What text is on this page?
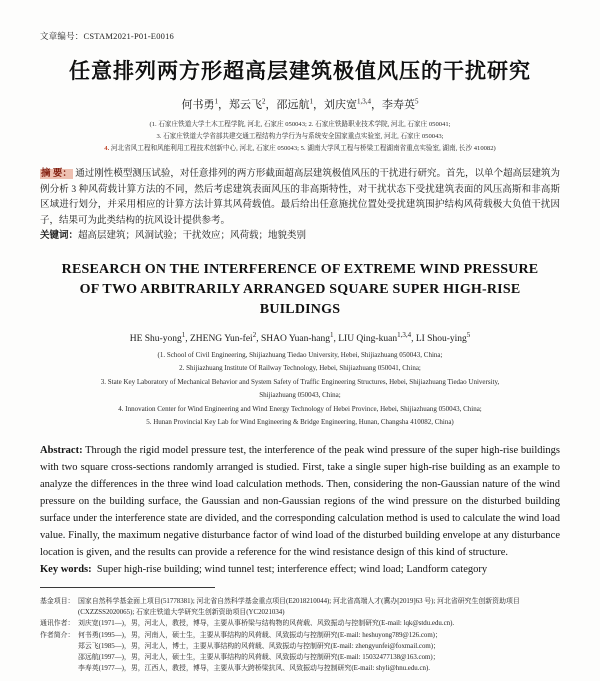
文章编号：CSTAM2021-P01-E0016
任意排列两方形超高层建筑极值风压的干扰研究
何书勇$^1$，郑云飞$^2$，邵远航$^1$，刘庆宽$^{1,3,4}$，李寿英$^5$
(1. 石家庄铁道大学土木工程学院, 河北, 石家庄 050043; 2. 石家庄铁路职业技术学院, 河北, 石家庄 050041;
3. 石家庄铁道大学省部共建交通工程结构力学行为与系统安全国家重点实验室, 河北, 石家庄 050043;
4. 河北省风工程和风能利用工程技术创新中心, 河北, 石家庄 050043; 5. 湖南大学风工程与桥梁工程湖南省重点实验室, 湖南, 长沙 410082)
摘 要： 通过刚性模型测压试验，对任意排列的两方形截面超高层建筑极值风压的干扰进行研究。首先，以单个超高层建筑为例分析 3 种风荷载计算方法的不同，然后考虑建筑表面风压的非高斯特性，对干扰状态下受扰建筑表面的风压高斯和非高斯区域进行划分，并采用相应的计算方法计算其风荷载值。最后给出任意施扰位置处受扰建筑围护结构风荷载极大负值干扰因子，结果可为此类结构的抗风设计提供参考。
关键词：超高层建筑；风洞试验；干扰效应；风荷载；地貌类别
RESEARCH ON THE INTERFERENCE OF EXTREME WIND PRESSURE
OF TWO ARBITRARILY ARRANGED SQUARE SUPER HIGH-RISE
BUILDINGS
HE Shu-yong$^1$, ZHENG Yun-fei$^2$, SHAO Yuan-hang$^1$, LIU Qing-kuan$^{1,3,4}$, LI Shou-ying$^5$
(1. School of Civil Engineering, Shijiazhuang Tiedao University, Hebei, Shijiazhuang 050043, China;
2. Shijiazhuang Institute Of Railway Technology, Hebei, Shijiazhuang 050041, China;
3. State Key Laboratory of Mechanical Behavior and System Safety of Traffic Engineering Structures, Hebei, Shijiazhuang Tiedao University,
Shijiazhuang 050043, China;
4. Innovation Center for Wind Engineering and Wind Energy Technology of Hebei Province, Hebei, Shijiazhuang 050043, China;
5. Hunan Provincial Key Lab for Wind Engineering & Bridge Engineering, Hunan, Changsha 410082, China)
Abstract: Through the rigid model pressure test, the interference of the peak wind pressure of the super high-rise buildings with two square cross-sections randomly arranged is studied. First, take a single super high-rise building as an example to analyze the differences in the three wind load calculation methods. Then, considering the non-Gaussian nature of the wind pressure on the building surface, the Gaussian and non-Gaussian regions of the wind pressure on the disturbed building surface under the interference state are divided, and the corresponding calculation method is used to calculate the wind load value. Finally, the maximum negative disturbance factor of wind load of the disturbed building envelope at any disturbance location is given, and the results can provide a reference for the wind resistance design of this kind of structure.
Key words: Super high-rise building; wind tunnel test; interference effect; wind load; Landform category
基金项目： 国家自然科学基金面上项目(51778381); 河北省自然科学基金重点项目(E2018210044); 河北省高端人才(冀办[2019]63 号); 河北省研究生创新资助项目(CXZZSS2020065); 石家庄铁道大学研究生创新资助项目(YC2021034)
通讯作者： 刘庆宽(1971—)，男，河北人，教授，博导，主要从事桥梁与结构物的风荷载、风致振动与控制研究(E-mail: lqk@stdu.edu.cn).
作者简介： 何书勇(1995—)，男，河南人，硕士生，主要从事结构的风荷载、风致振动与控制研究(E-mail: heshuyong789@126.com)；
郑云飞(1985—)，男，河北人，博士，主要从事结构的风荷载、风致振动与控制研究(E-mail: zhengyunfei@foxmail.com)；
邵远航(1997—)，男，河北人，硕士生，主要从事结构的风荷载、风致振动与控制研究(E-mail: 15032477138@163.com)；
李寿英(1977—)，男，江西人，教授，博导，主要从事大跨桥梁抗风、风致振动与控制研究(E-mail: shyli@hnu.edu.cn).
